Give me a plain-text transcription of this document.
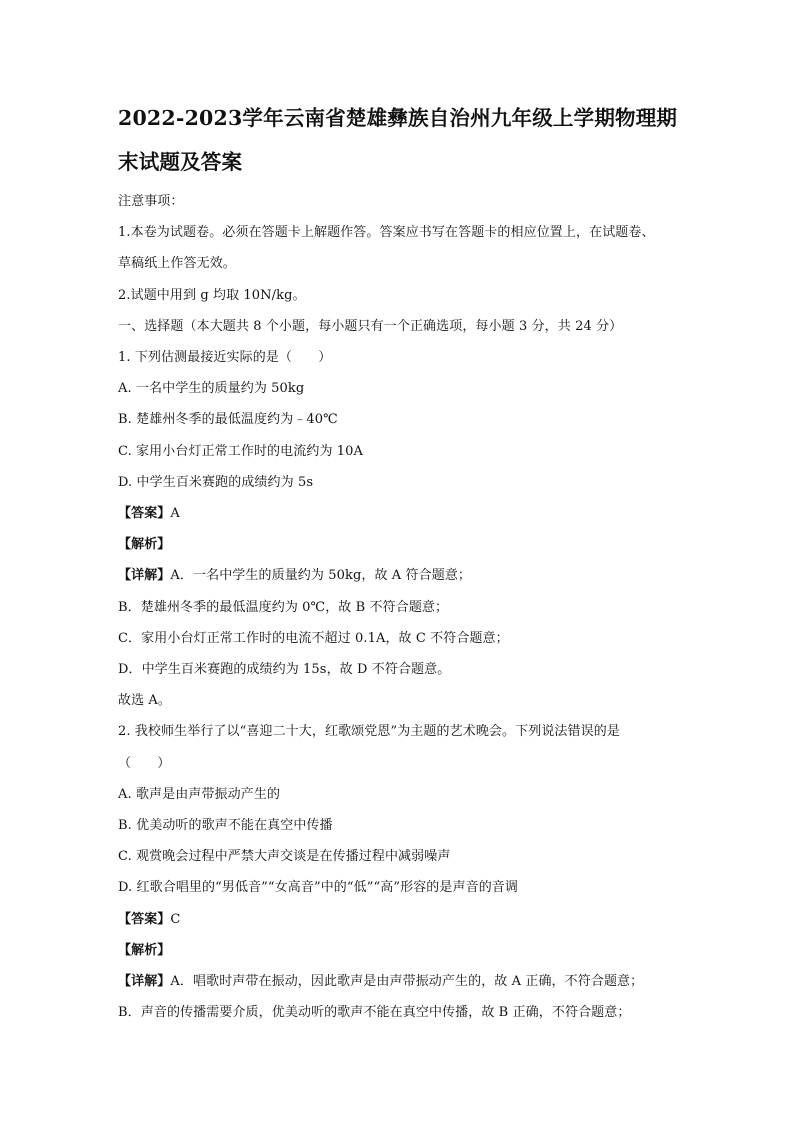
2022-2023学年云南省楚雄彝族自治州九年级上学期物理期
末试题及答案
注意事项：
1.本卷为试题卷。必须在答题卡上解题作答。答案应书写在答题卡的相应位置上，在试题卷、
草稿纸上作答无效。
2.试题中用到 g 均取 10N/kg。
一、选择题（本大题共 8 个小题，每小题只有一个正确选项，每小题 3 分，共 24 分）
1. 下列估测最接近实际的是（　　）
A. 一名中学生的质量约为 50kg
B. 楚雄州冬季的最低温度约为﹣40℃
C. 家用小台灯正常工作时的电流约为 10A
D. 中学生百米赛跑的成绩约为 5s
【答案】A
【解析】
【详解】A．一名中学生的质量约为 50kg，故 A 符合题意；
B．楚雄州冬季的最低温度约为 0℃，故 B 不符合题意；
C．家用小台灯正常工作时的电流不超过 0.1A，故 C 不符合题意；
D．中学生百米赛跑的成绩约为 15s，故 D 不符合题意。
故选 A。
2. 我校师生举行了以“喜迎二十大，红歌颂党恩”为主题的艺术晚会。下列说法错误的是
（　　）
A. 歌声是由声带振动产生的
B. 优美动听的歌声不能在真空中传播
C. 观赏晚会过程中严禁大声交谈是在传播过程中减弱噪声
D. 红歌合唱里的“男低音”“女高音”中的“低”“高”形容的是声音的音调
【答案】C
【解析】
【详解】A．唱歌时声带在振动，因此歌声是由声带振动产生的，故 A 正确，不符合题意；
B．声音的传播需要介质，优美动听的歌声不能在真空中传播，故 B 正确，不符合题意；
